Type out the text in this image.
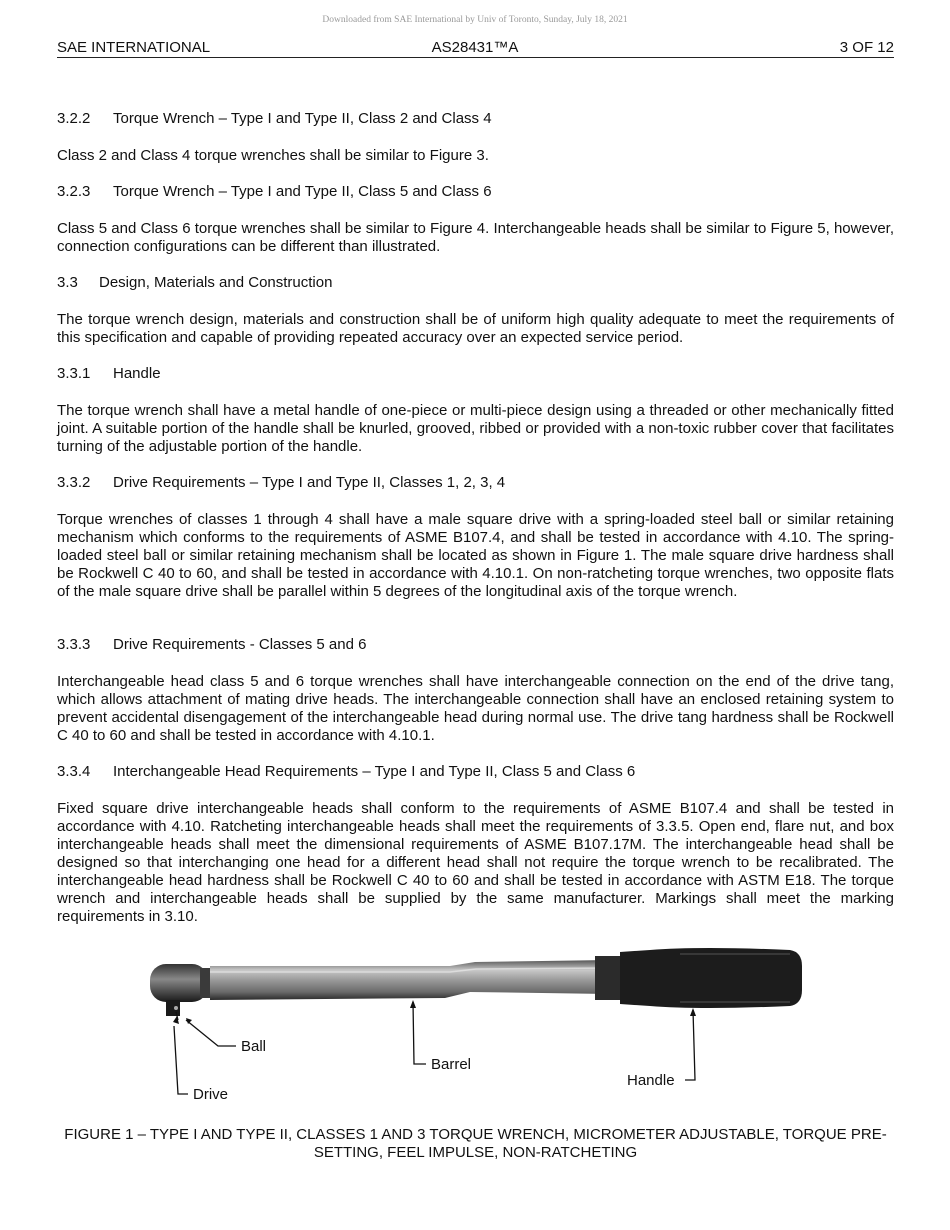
Downloaded from SAE International by Univ of Toronto, Sunday, July 18, 2021
SAE INTERNATIONAL	AS28431™A	3 OF 12
3.2.2 Torque Wrench – Type I and Type II, Class 2 and Class 4

Class 2 and Class 4 torque wrenches shall be similar to Figure 3.

3.2.3 Torque Wrench – Type I and Type II, Class 5 and Class 6

Class 5 and Class 6 torque wrenches shall be similar to Figure 4. Interchangeable heads shall be similar to Figure 5, however, connection configurations can be different than illustrated.

3.3 Design, Materials and Construction

The torque wrench design, materials and construction shall be of uniform high quality adequate to meet the requirements of this specification and capable of providing repeated accuracy over an expected service period.

3.3.1 Handle

The torque wrench shall have a metal handle of one-piece or multi-piece design using a threaded or other mechanically fitted joint. A suitable portion of the handle shall be knurled, grooved, ribbed or provided with a non-toxic rubber cover that facilitates turning of the adjustable portion of the handle.

3.3.2 Drive Requirements – Type I and Type II, Classes 1, 2, 3, 4

Torque wrenches of classes 1 through 4 shall have a male square drive with a spring-loaded steel ball or similar retaining mechanism which conforms to the requirements of ASME B107.4, and shall be tested in accordance with 4.10. The spring-loaded steel ball or similar retaining mechanism shall be located as shown in Figure 1. The male square drive hardness shall be Rockwell C 40 to 60, and shall be tested in accordance with 4.10.1. On non-ratcheting torque wrenches, two opposite flats of the male square drive shall be parallel within 5 degrees of the longitudinal axis of the torque wrench.

3.3.3 Drive Requirements - Classes 5 and 6

Interchangeable head class 5 and 6 torque wrenches shall have interchangeable connection on the end of the drive tang, which allows attachment of mating drive heads. The interchangeable connection shall have an enclosed retaining system to prevent accidental disengagement of the interchangeable head during normal use. The drive tang hardness shall be Rockwell C 40 to 60 and shall be tested in accordance with 4.10.1.

3.3.4 Interchangeable Head Requirements – Type I and Type II, Class 5 and Class 6

Fixed square drive interchangeable heads shall conform to the requirements of ASME B107.4 and shall be tested in accordance with 4.10. Ratcheting interchangeable heads shall meet the requirements of 3.3.5. Open end, flare nut, and box interchangeable heads shall meet the dimensional requirements of ASME B107.17M. The interchangeable head shall be designed so that interchanging one head for a different head shall not require the torque wrench to be recalibrated. The interchangeable head hardness shall be Rockwell C 40 to 60 and shall be tested in accordance with ASTM E18. The torque wrench and interchangeable heads shall be supplied by the same manufacturer. Markings shall meet the marking requirements in 3.10.

Ball
Barrel
Handle
Drive
FIGURE 1 – TYPE I AND TYPE II, CLASSES 1 AND 3 TORQUE WRENCH, MICROMETER ADJUSTABLE, TORQUE PRE-SETTING, FEEL IMPULSE, NON-RATCHETING
